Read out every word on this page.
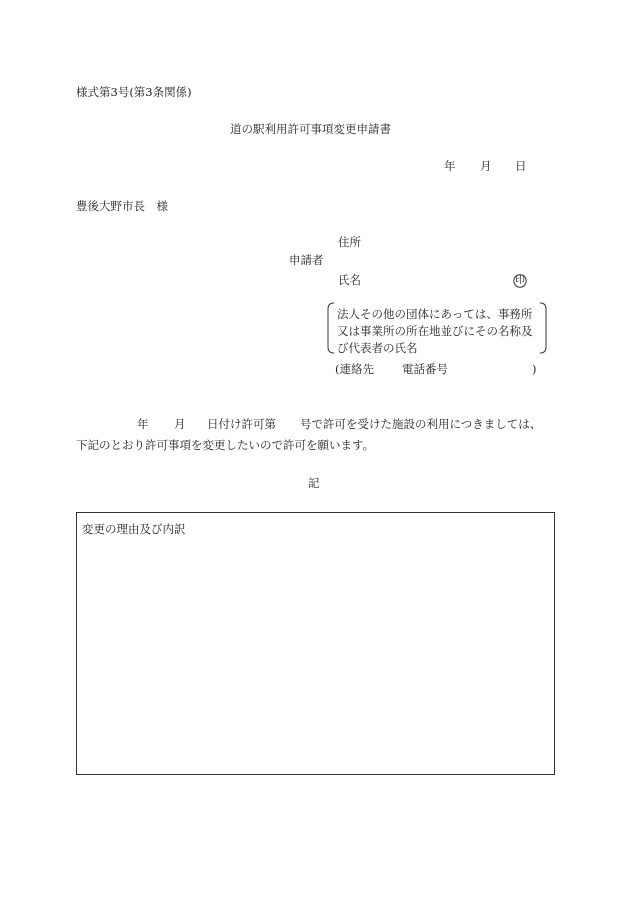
様式第3号(第3条関係)
道の駅利用許可事項変更申請書
年 月 日
豊後大野市長　様
住所
申請者
氏名	印
法人その他の団体にあっては、事務所
又は事業所の所在地並びにその名称及
び代表者の氏名
(連絡先 電話番号	)
年 月 日付け許可第 号で許可を受けた施設の利用につきましては、
下記のとおり許可事項を変更したいので許可を願います。
記
変更の理由及び内訳
